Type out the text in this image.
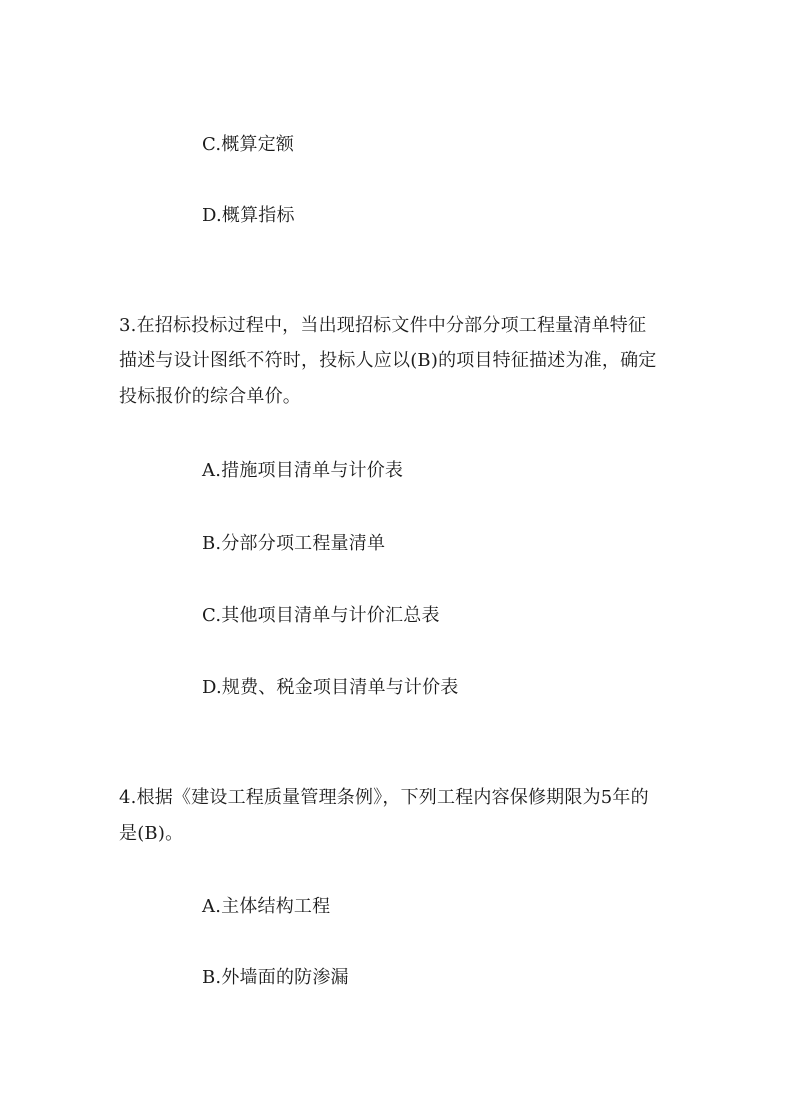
C.概算定额
D.概算指标
3.在招标投标过程中，当出现招标文件中分部分项工程量清单特征
描述与设计图纸不符时，投标人应以(B)的项目特征描述为准，确定
投标报价的综合单价。
A.措施项目清单与计价表
B.分部分项工程量清单
C.其他项目清单与计价汇总表
D.规费、税金项目清单与计价表
4.根据《建设工程质量管理条例》，下列工程内容保修期限为5年的
是(B)。
A.主体结构工程
B.外墙面的防渗漏
